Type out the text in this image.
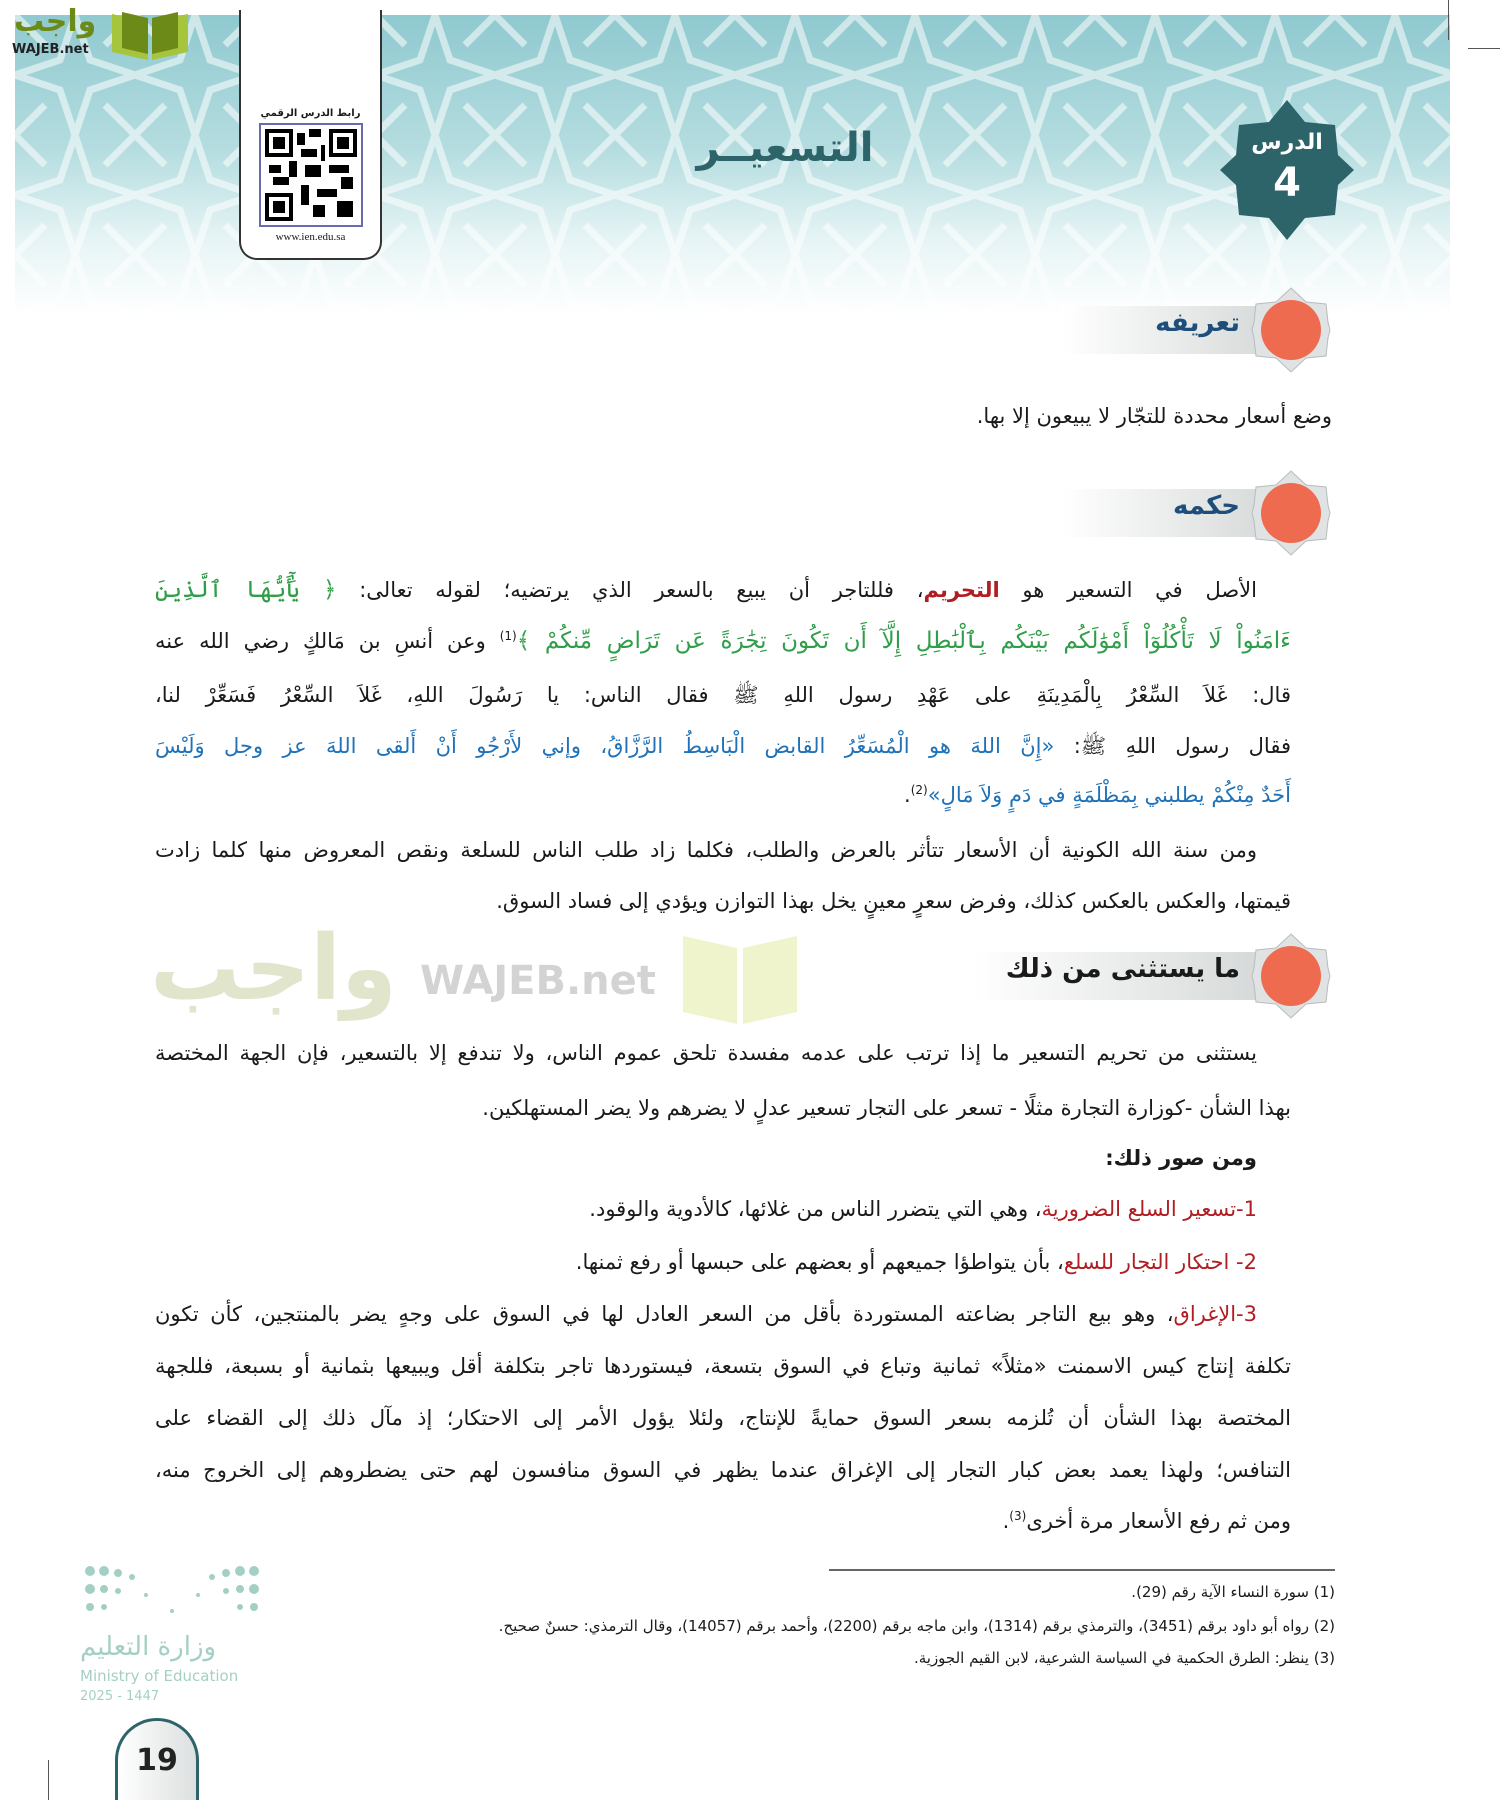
واجب
WAJEB.net
رابط الدرس الرقمي
www.ien.edu.sa
التسعيــر	الدرس
4
تعريفه
حكمه
ما يستثنى من ذلك
واجب WAJEB.net
وضع أسعار محددة للتجّار لا يبيعون إلا بها.
الأصل في التسعير هو التحريم، فللتاجر أن يبيع بالسعر الذي يرتضيه؛ لقوله تعالى: ﴿ يَٰٓأَيُّهَا ٱلَّذِينَ
ءَامَنُواْ لَا تَأْكُلُوٓاْ أَمْوَٰلَكُم بَيْنَكُم بِٱلْبَٰطِلِ إِلَّآ أَن تَكُونَ تِجَٰرَةً عَن تَرَاضٍ مِّنكُمْ ﴾$^{(1)}$ وعن أنسِ بن مَالكٍ رضي الله عنه
قال: غَلاَ السِّعْرُ بِالْمَدِينَةِ على عَهْدِ رسول اللهِ ﷺ فقال الناس: يا رَسُولَ اللهِ، غَلاَ السِّعْرُ فَسَعِّرْ لنا،
فقال رسول اللهِ ﷺ: «إِنَّ اللهَ هو الْمُسَعِّرُ القابض الْبَاسِطُ الرَّزَّاقُ، وإني لأَرْجُو أَنْ أَلقى اللهَ عز وجل وَلَيْسَ
أَحَدٌ مِنْكُمْ يطلبني بِمَظْلَمَةٍ في دَمٍ وَلاَ مَالٍ»$^{(2)}$.
ومن سنة الله الكونية أن الأسعار تتأثر بالعرض والطلب، فكلما زاد طلب الناس للسلعة ونقص المعروض منها كلما زادت
قيمتها، والعكس بالعكس كذلك، وفرض سعرٍ معينٍ يخل بهذا التوازن ويؤدي إلى فساد السوق.
يستثنى من تحريم التسعير ما إذا ترتب على عدمه مفسدة تلحق عموم الناس، ولا تندفع إلا بالتسعير، فإن الجهة المختصة
بهذا الشأن -كوزارة التجارة مثلًا - تسعر على التجار تسعير عدلٍ لا يضرهم ولا يضر المستهلكين.
ومن صور ذلك:
1-تسعير السلع الضرورية، وهي التي يتضرر الناس من غلائها، كالأدوية والوقود.
2- احتكار التجار للسلع، بأن يتواطؤا جميعهم أو بعضهم على حبسها أو رفع ثمنها.
3-الإغراق، وهو بيع التاجر بضاعته المستوردة بأقل من السعر العادل لها في السوق على وجهٍ يضر بالمنتجين، كأن تكون
تكلفة إنتاج كيس الاسمنت «مثلاً» ثمانية وتباع في السوق بتسعة، فيستوردها تاجر بتكلفة أقل ويبيعها بثمانية أو بسبعة، فللجهة
المختصة بهذا الشأن أن تُلزمه بسعر السوق حمايةً للإنتاج، ولئلا يؤول الأمر إلى الاحتكار؛ إذ مآل ذلك إلى القضاء على
التنافس؛ ولهذا يعمد بعض كبار التجار إلى الإغراق عندما يظهر في السوق منافسون لهم حتى يضطروهم إلى الخروج منه،
ومن ثم رفع الأسعار مرة أخرى$^{(3)}$.
(1) سورة النساء الآية رقم (29).
(2) رواه أبو داود برقم (3451)، والترمذي برقم (1314)، وابن ماجه برقم (2200)، وأحمد برقم (14057)، وقال الترمذي: حسنٌ صحيح.
(3) ينظر: الطرق الحكمية في السياسة الشرعية، لابن القيم الجوزية.
وزارة التعليم
Ministry of Education
2025 - 1447
19
